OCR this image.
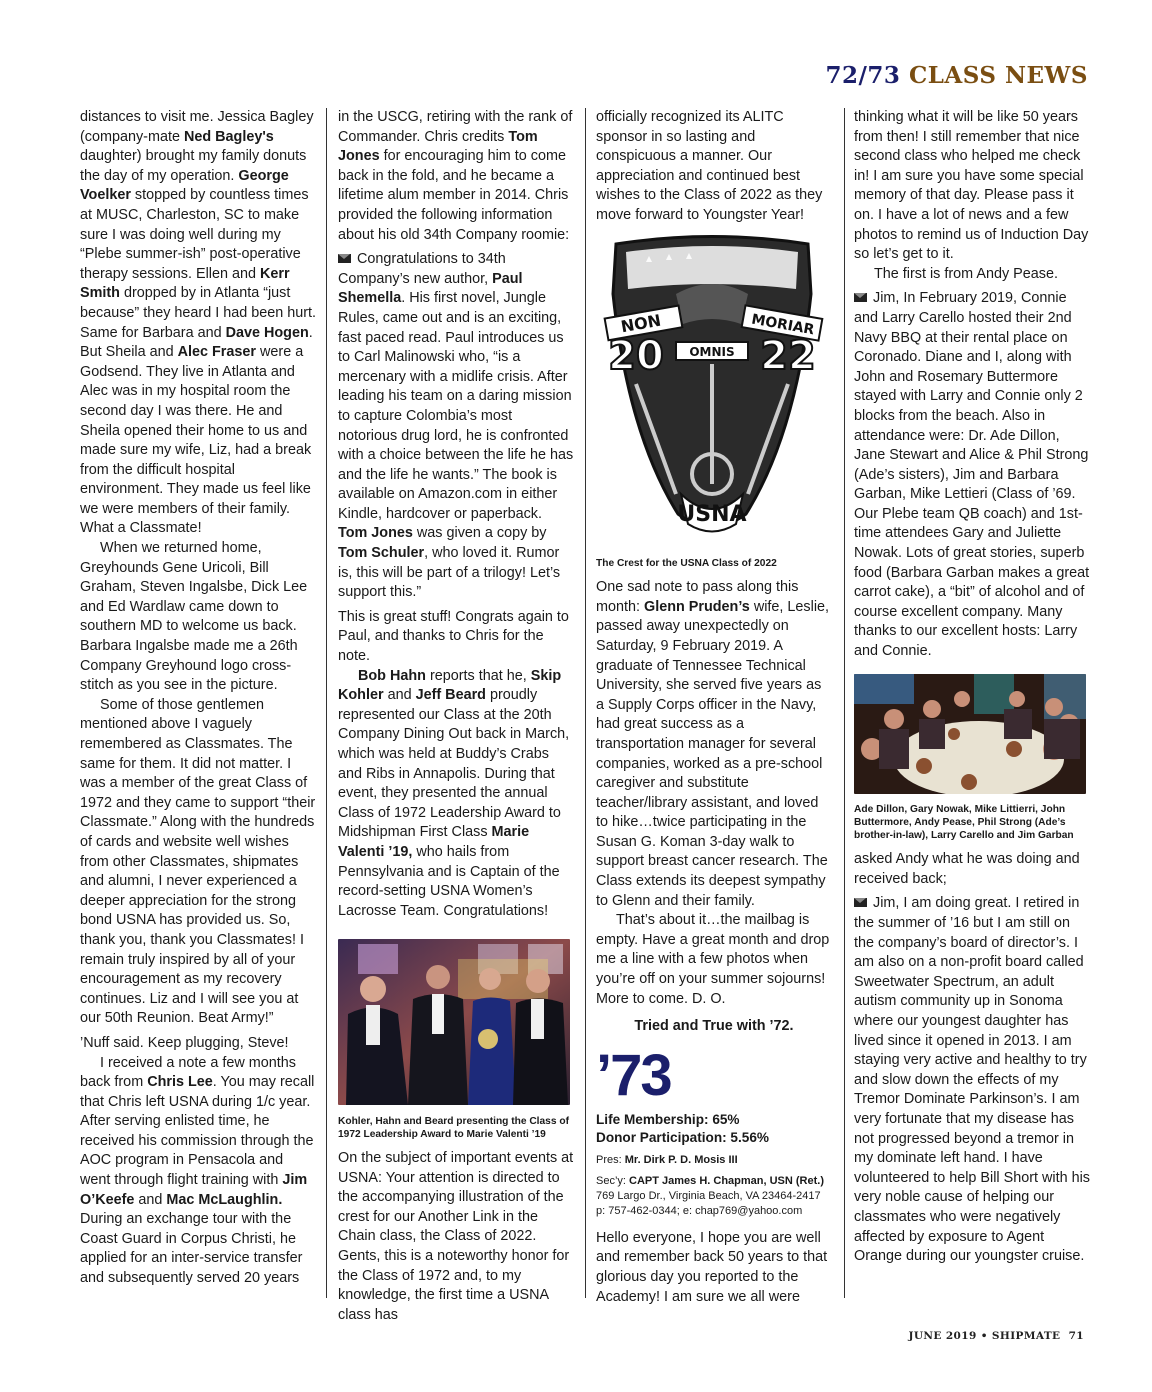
72/73 CLASS NEWS

distances to visit me. Jessica Bagley (company-mate Ned Bagley's daughter) brought my family donuts the day of my operation. George Voelker stopped by countless times at MUSC, Charleston, SC to make sure I was doing well during my “Plebe summer-ish” post-operative therapy sessions. Ellen and Kerr Smith dropped by in Atlanta “just because” they heard I had been hurt. Same for Barbara and Dave Hogen. But Sheila and Alec Fraser were a Godsend. They live in Atlanta and Alec was in my hospital room the second day I was there. He and Sheila opened their home to us and made sure my wife, Liz, had a break from the difficult hospital environment. They made us feel like we were members of their family. What a Classmate!

When we returned home, Greyhounds Gene Uricoli, Bill Graham, Steven Ingalsbe, Dick Lee and Ed Wardlaw came down to southern MD to welcome us back. Barbara Ingalsbe made me a 26th Company Greyhound logo cross-stitch as you see in the picture.

Some of those gentlemen mentioned above I vaguely remembered as Classmates. The same for them. It did not matter. I was a member of the great Class of 1972 and they came to support “their Classmate.” Along with the hundreds of cards and website well wishes from other Classmates, shipmates and alumni, I never experienced a deeper appreciation for the strong bond USNA has provided us. So, thank you, thank you Classmates! I remain truly inspired by all of your encouragement as my recovery continues. Liz and I will see you at our 50th Reunion. Beat Army!”

’Nuff said. Keep plugging, Steve!

I received a note a few months back from Chris Lee. You may recall that Chris left USNA during 1/c year. After serving enlisted time, he received his commission through the AOC program in Pensacola and went through flight training with Jim O’Keefe and Mac McLaughlin. During an exchange tour with the Coast Guard in Corpus Christi, he applied for an inter-service transfer and subsequently served 20 years

in the USCG, retiring with the rank of Commander. Chris credits Tom Jones for encouraging him to come back in the fold, and he became a lifetime alum member in 2014. Chris provided the following information about his old 34th Company roomie:

Congratulations to 34th Company’s new author, Paul Shemella. His first novel, Jungle Rules, came out and is an exciting, fast paced read. Paul introduces us to Carl Malinowski who, “is a mercenary with a midlife crisis. After leading his team on a daring mission to capture Colombia’s most notorious drug lord, he is confronted with a choice between the life he has and the life he wants.” The book is available on Amazon.com in either Kindle, hardcover or paperback. Tom Jones was given a copy by Tom Schuler, who loved it. Rumor is, this will be part of a trilogy! Let’s support this.”

This is great stuff! Congrats again to Paul, and thanks to Chris for the note.

Bob Hahn reports that he, Skip Kohler and Jeff Beard proudly represented our Class at the 20th Company Dining Out back in March, which was held at Buddy’s Crabs and Ribs in Annapolis. During that event, they presented the annual Class of 1972 Leadership Award to Midshipman First Class Marie Valenti ’19, who hails from Pennsylvania and is Captain of the record-setting USNA Women’s Lacrosse Team. Congratulations!

Kohler, Hahn and Beard presenting the Class of 1972 Leadership Award to Marie Valenti ’19

On the subject of important events at USNA: Your attention is directed to the accompanying illustration of the crest for our Another Link in the Chain class, the Class of 2022. Gents, this is a noteworthy honor for the Class of 1972 and, to my knowledge, the first time a USNA class has

officially recognized its ALITC sponsor in so lasting and conspicuous a manner. Our appreciation and continued best wishes to the Class of 2022 as they move forward to Youngster Year!

NON	MORIAR
20 22
OMNIS
USNA
The Crest for the USNA Class of 2022

One sad note to pass along this month: Glenn Pruden’s wife, Leslie, passed away unexpectedly on Saturday, 9 February 2019. A graduate of Tennessee Technical University, she served five years as a Supply Corps officer in the Navy, had great success as a transportation manager for several companies, worked as a pre-school caregiver and substitute teacher/library assistant, and loved to hike…twice participating in the Susan G. Koman 3-day walk to support breast cancer research. The Class extends its deepest sympathy to Glenn and their family.

That’s about it…the mailbag is empty. Have a great month and drop me a line with a few photos when you’re off on your summer sojourns! More to come. D. O.

Tried and True with ’72.
’73
Life Membership: 65%
Donor Participation: 5.56%
Pres: Mr. Dirk P. D. Mosis III
Sec’y: CAPT James H. Chapman, USN (Ret.)
769 Largo Dr., Virginia Beach, VA 23464-2417
p: 757-462-0344; e: chap769@yahoo.com

Hello everyone, I hope you are well and remember back 50 years to that glorious day you reported to the Academy! I am sure we all were

thinking what it will be like 50 years from then! I still remember that nice second class who helped me check in! I am sure you have some special memory of that day. Please pass it on. I have a lot of news and a few photos to remind us of Induction Day so let’s get to it.

The first is from Andy Pease.

Jim, In February 2019, Connie and Larry Carello hosted their 2nd Navy BBQ at their rental place on Coronado. Diane and I, along with John and Rosemary Buttermore stayed with Larry and Connie only 2 blocks from the beach. Also in attendance were: Dr. Ade Dillon, Jane Stewart and Alice & Phil Strong (Ade’s sisters), Jim and Barbara Garban, Mike Lettieri (Class of ’69. Our Plebe team QB coach) and 1st-time attendees Gary and Juliette Nowak. Lots of great stories, superb food (Barbara Garban makes a great carrot cake), a “bit” of alcohol and of course excellent company. Many thanks to our excellent hosts: Larry and Connie.

Ade Dillon, Gary Nowak, Mike Littierri, John Buttermore, Andy Pease, Phil Strong (Ade’s brother-in-law), Larry Carello and Jim Garban

asked Andy what he was doing and received back;

Jim, I am doing great. I retired in the summer of ’16 but I am still on the company’s board of director’s. I am also on a non-profit board called Sweetwater Spectrum, an adult autism community up in Sonoma where our youngest daughter has lived since it opened in 2013. I am staying very active and healthy to try and slow down the effects of my Tremor Dominate Parkinson’s. I am very fortunate that my disease has not progressed beyond a tremor in my dominate left hand. I have volunteered to help Bill Short with his very noble cause of helping our classmates who were negatively affected by exposure to Agent Orange during our youngster cruise.

JUNE 2019 • SHIPMATE 71
